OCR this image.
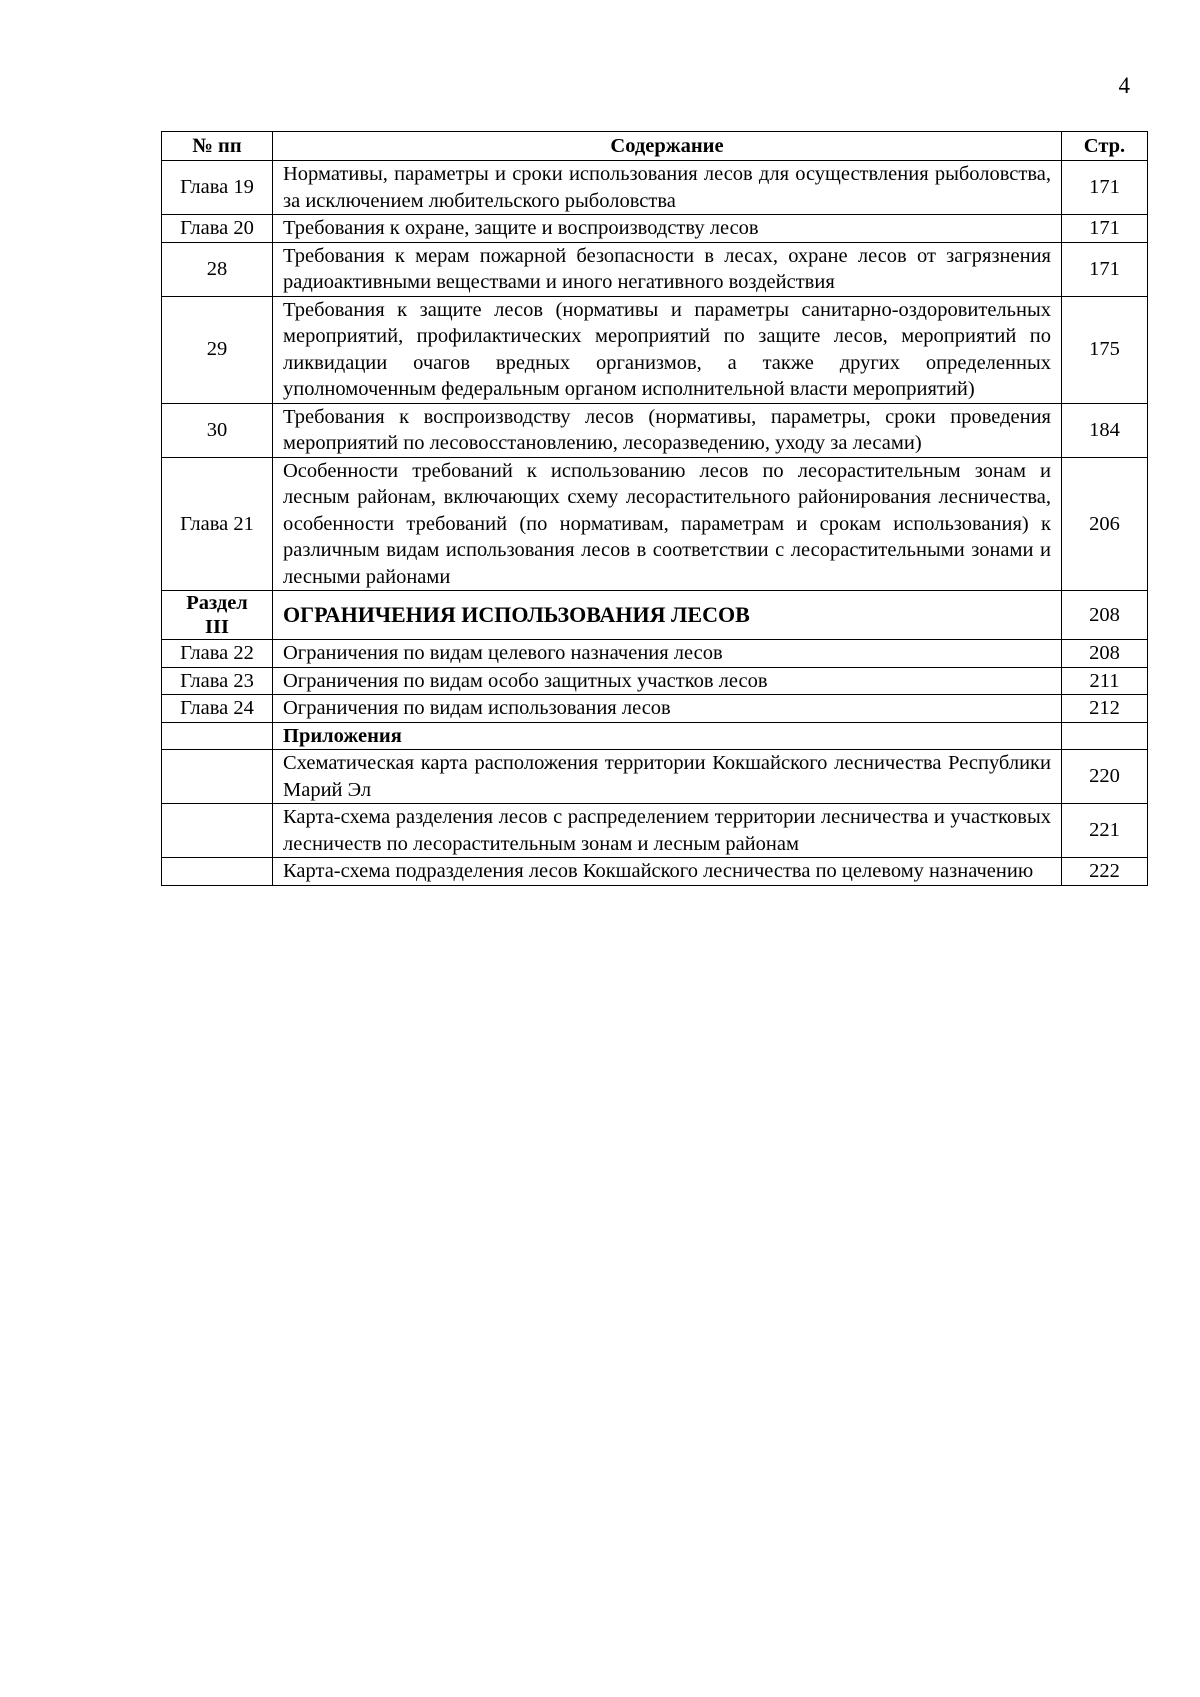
4
№ пп	Содержание	Стр.
Глава 19	Нормативы, параметры и сроки использования лесов для осуществления рыболовства, за исключением любительского рыболовства	171
Глава 20	Требования к охране, защите и воспроизводству лесов	171
28	Требования к мерам пожарной безопасности в лесах, охране лесов от загрязнения радиоактивными веществами и иного негативного воздействия	171
29	Требования к защите лесов (нормативы и параметры санитарно-оздоровительных мероприятий, профилактических мероприятий по защите лесов, мероприятий по ликвидации очагов вредных организмов, а также других определенных уполномоченным федеральным органом исполнительной власти мероприятий)	175
30	Требования к воспроизводству лесов (нормативы, параметры, сроки проведения мероприятий по лесовосстановлению, лесоразведению, уходу за лесами)	184
Глава 21	Особенности требований к использованию лесов по лесорастительным зонам и лесным районам, включающих схему лесорастительного районирования лесничества, особенности требований (по нормативам, параметрам и срокам использования) к различным видам использования лесов в соответствии с лесорастительными зонами и лесными районами	206
Раздел III	ОГРАНИЧЕНИЯ ИСПОЛЬЗОВАНИЯ ЛЕСОВ	208
Глава 22	Ограничения по видам целевого назначения лесов	208
Глава 23	Ограничения по видам особо защитных участков лесов	211
Глава 24	Ограничения по видам использования лесов	212
	Приложения	
	Схематическая карта расположения территории Кокшайского лесничества Республики Марий Эл	220
	Карта-схема разделения лесов с распределением территории лесничества и участковых лесничеств по лесорастительным зонам и лесным районам	221
	Карта-схема подразделения лесов Кокшайского лесничества по целевому назначению	222
